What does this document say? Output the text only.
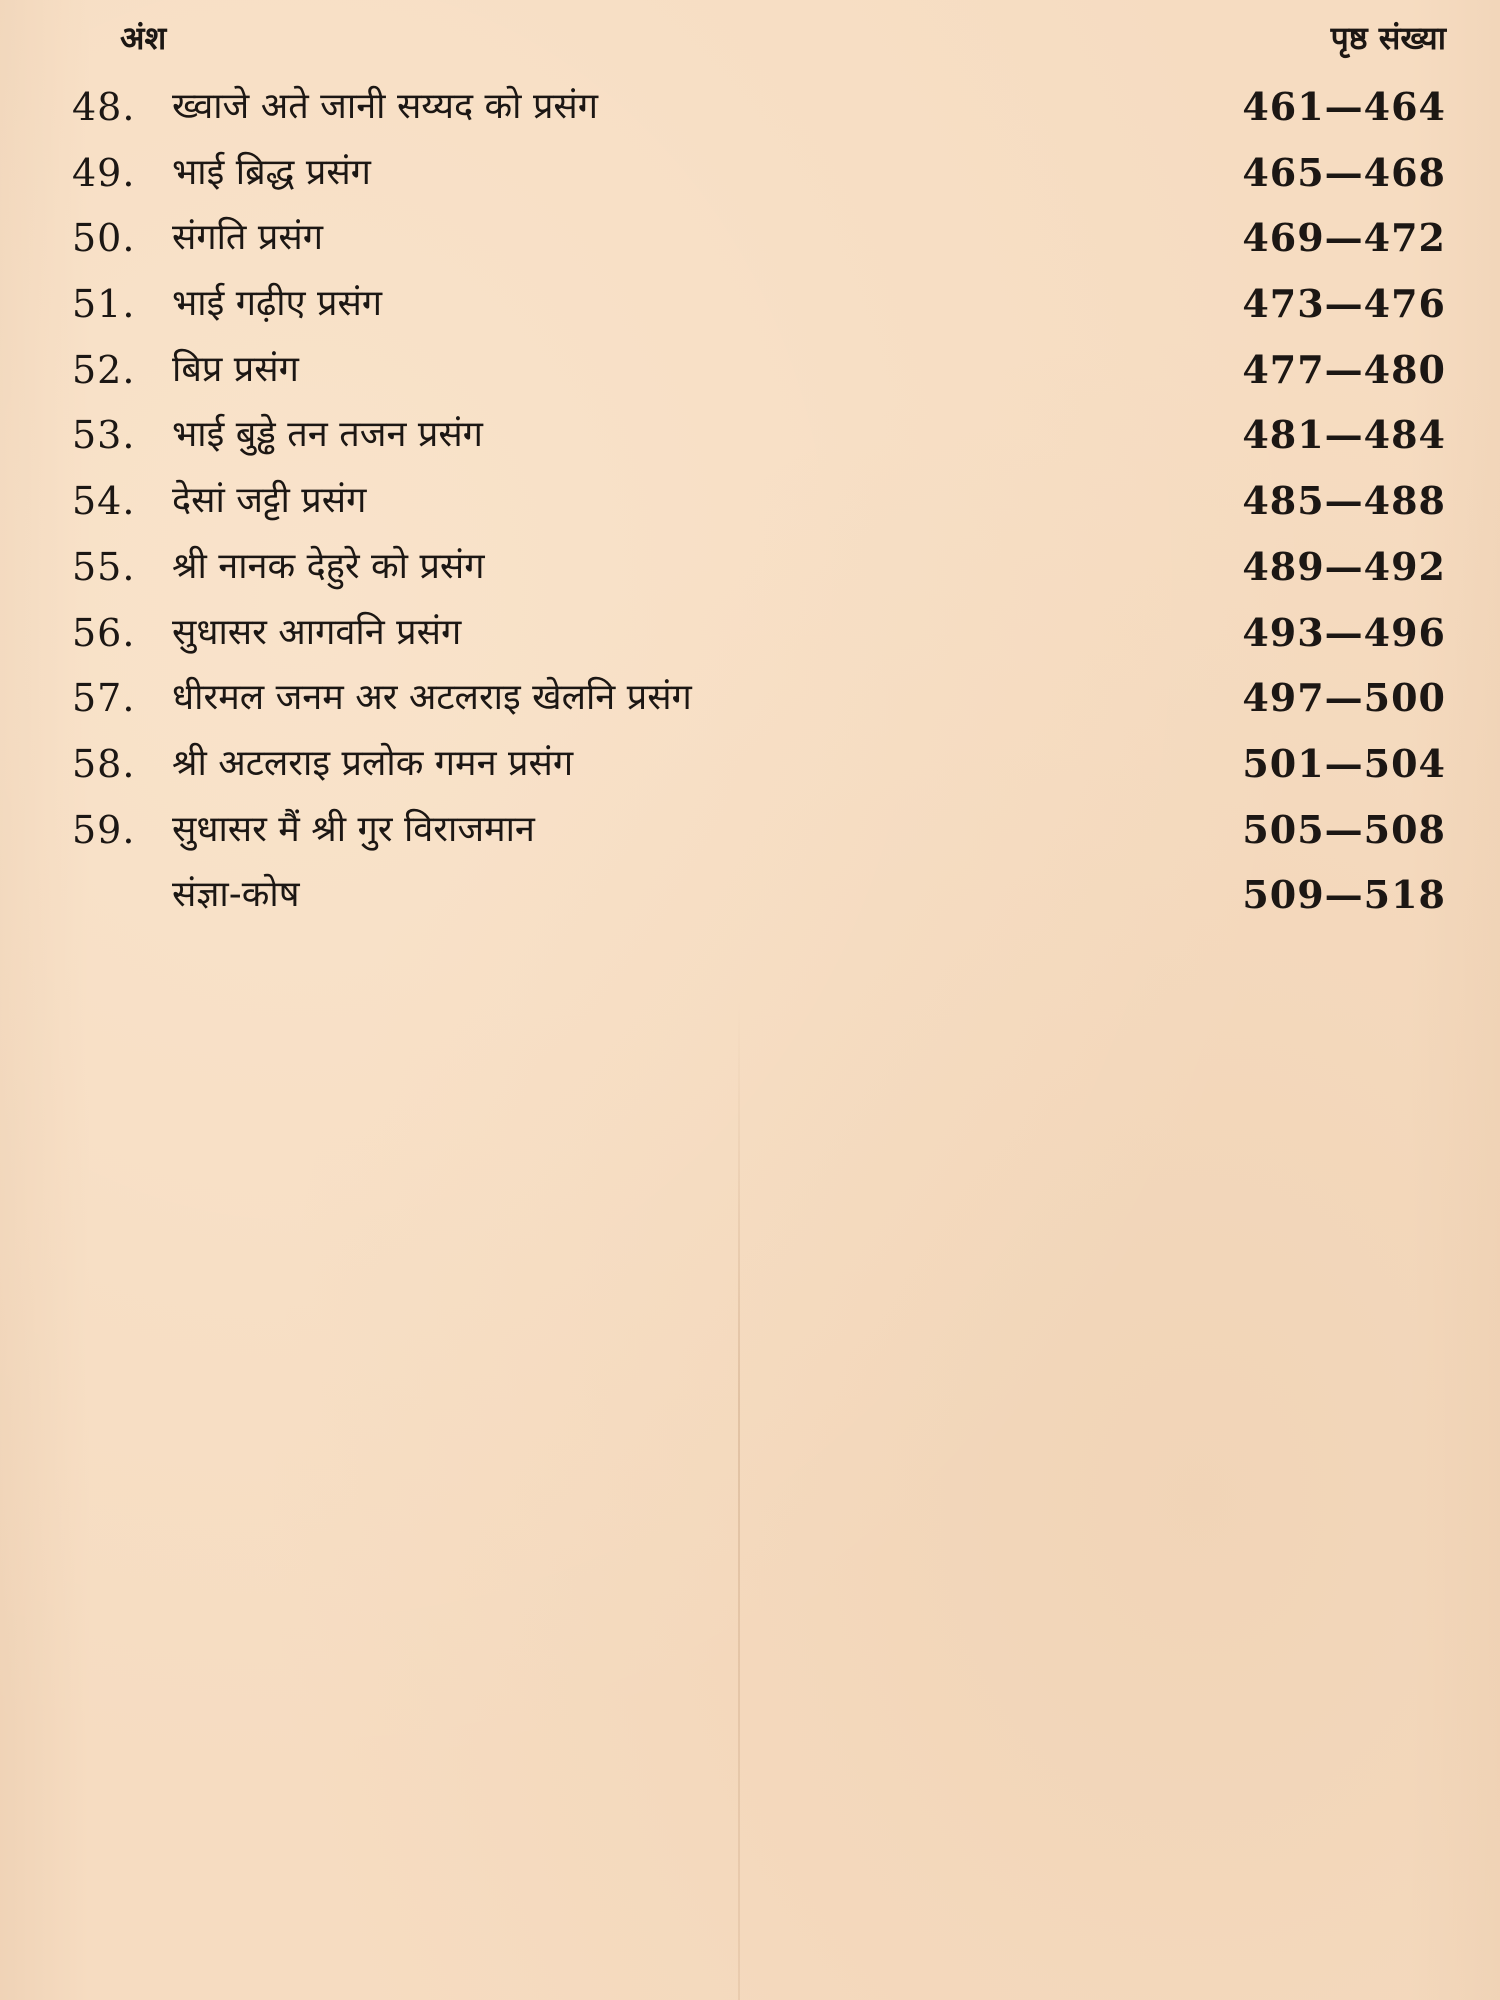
अंश	पृष्ठ संख्या
48. ख्वाजे अते जानी सय्यद को प्रसंग	461—464
49. भाई ब्रिद्ध प्रसंग	465—468
50. संगति प्रसंग	469—472
51. भाई गढ़ीए प्रसंग	473—476
52. बिप्र प्रसंग	477—480
53. भाई बुड्ढे तन तजन प्रसंग	481—484
54. देसां जट्टी प्रसंग	485—488
55. श्री नानक देहुरे को प्रसंग	489—492
56. सुधासर आगवनि प्रसंग	493—496
57. धीरमल जनम अर अटलराइ खेलनि प्रसंग	497—500
58. श्री अटलराइ प्रलोक गमन प्रसंग	501—504
59. सुधासर मैं श्री गुर विराजमान	505—508
संज्ञा-कोष	509—518
